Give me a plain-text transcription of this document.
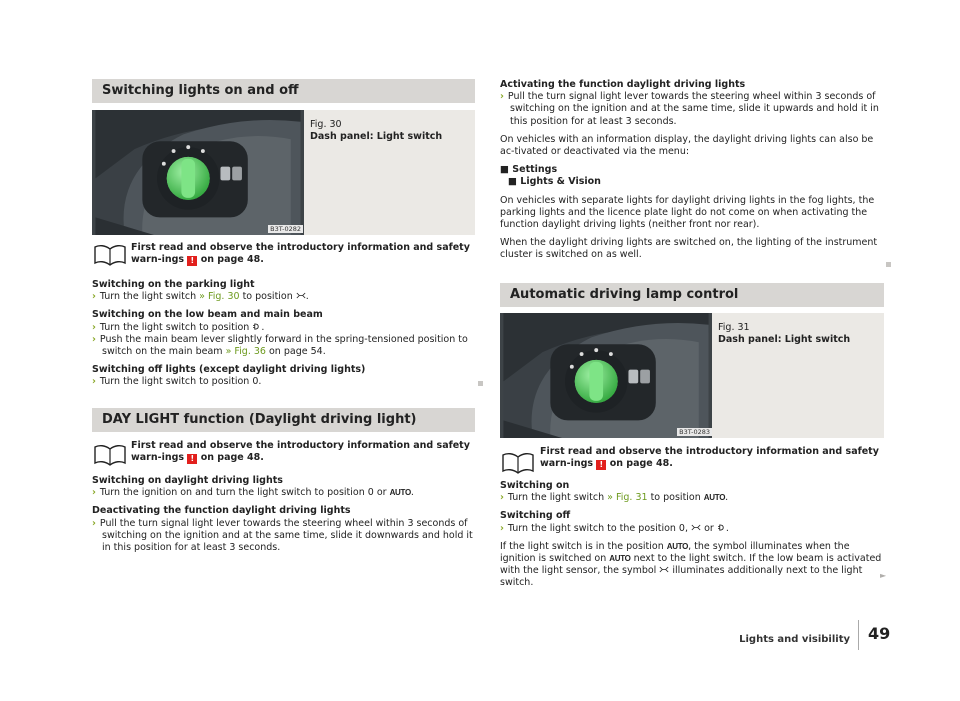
Switching lights on and off
B3T-0282
Fig. 30
Dash panel: Light switch
First read and observe the introductory information and safety warn-ings ! on page 48.

Switching on the parking light

› Turn the light switch » Fig. 30 to position .

Switching on the low beam and main beam

› Turn the light switch to position .

› Push the main beam lever slightly forward in the spring-tensioned position to switch on the main beam » Fig. 36 on page 54.

Switching off lights (except daylight driving lights)

› Turn the light switch to position 0.

DAY LIGHT function (Daylight driving light)
First read and observe the introductory information and safety warn-ings ! on page 48.

Switching on daylight driving lights

› Turn the ignition on and turn the light switch to position 0 or AUTO.

Deactivating the function daylight driving lights

› Pull the turn signal light lever towards the steering wheel within 3 seconds of switching on the ignition and at the same time, slide it downwards and hold it in this position for at least 3 seconds.

Activating the function daylight driving lights

› Pull the turn signal light lever towards the steering wheel within 3 seconds of switching on the ignition and at the same time, slide it upwards and hold it in this position for at least 3 seconds.

On vehicles with an information display, the daylight driving lights can also be ac-tivated or deactivated via the menu:

■ Settings

■ Lights & Vision

On vehicles with separate lights for daylight driving lights in the fog lights, the parking lights and the licence plate light do not come on when activating the function daylight driving lights (neither front nor rear).

When the daylight driving lights are switched on, the lighting of the instrument cluster is switched on as well.

Automatic driving lamp control
B3T-0283
Fig. 31
Dash panel: Light switch
First read and observe the introductory information and safety warn-ings ! on page 48.

Switching on

› Turn the light switch » Fig. 31 to position AUTO.

Switching off

› Turn the light switch to the position 0, or .

If the light switch is in the position AUTO, the symbol illuminates when the ignition is switched on AUTO next to the light switch. If the low beam is activated with the light sensor, the symbol illuminates additionally next to the light switch.

►
Lights and visibility 49
